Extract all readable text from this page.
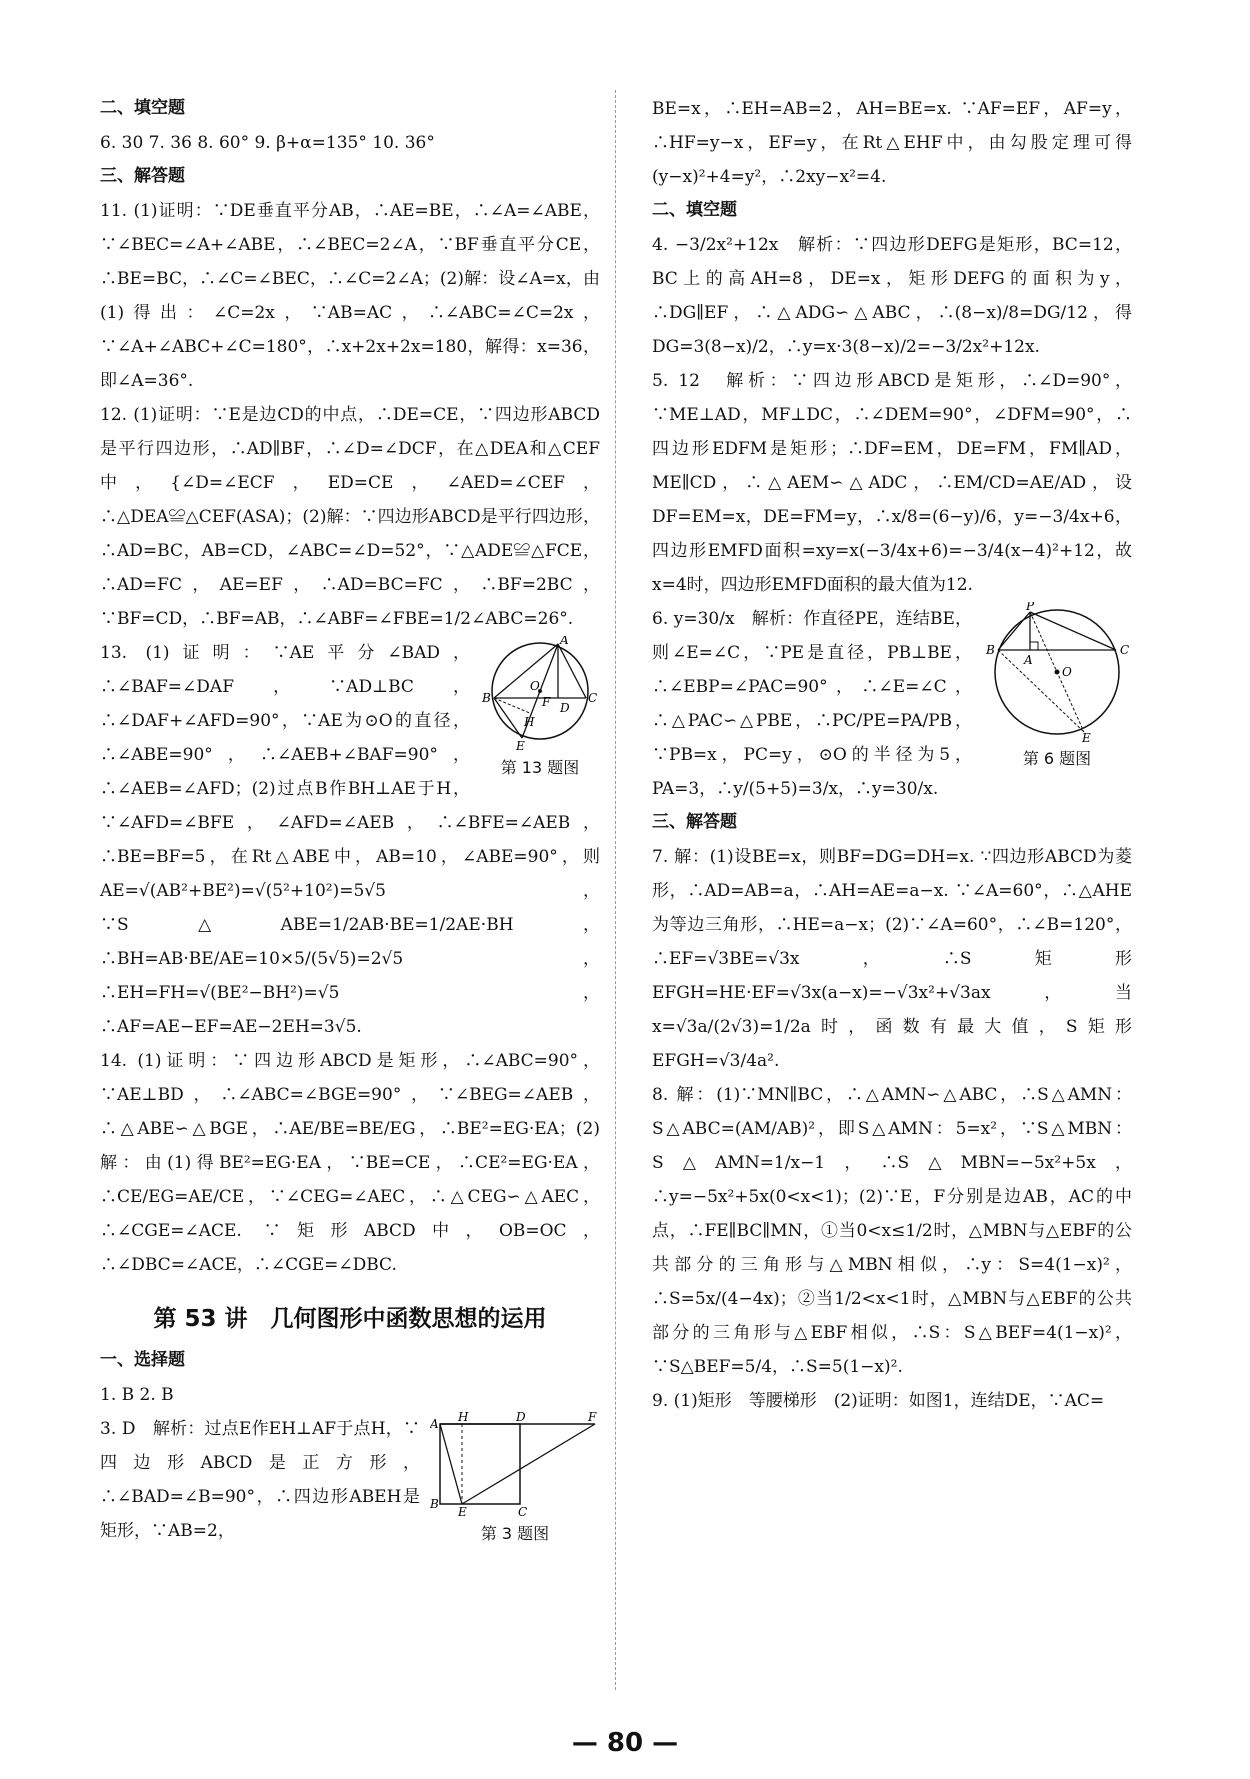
二、填空题

6. 30 7. 36 8. 60° 9. β+α=135° 10. 36°

三、解答题

11. (1)证明：∵DE垂直平分AB，∴AE=BE，∴∠A=∠ABE，∵∠BEC=∠A+∠ABE，∴∠BEC=2∠A，∵BF垂直平分CE，∴BE=BC，∴∠C=∠BEC，∴∠C=2∠A；(2)解：设∠A=x，由(1)得出：∠C=2x，∵AB=AC，∴∠ABC=∠C=2x，∵∠A+∠ABC+∠C=180°，∴x+2x+2x=180，解得：x=36，即∠A=36°.

12. (1)证明：∵E是边CD的中点，∴DE=CE，∵四边形ABCD是平行四边形，∴AD∥BF，∴∠D=∠DCF，在△DEA和△CEF中，{∠D=∠ECF，ED=CE，∠AED=∠CEF，∴△DEA≌△CEF(ASA)；(2)解：∵四边形ABCD是平行四边形，∴AD=BC，AB=CD，∠ABC=∠D=52°，∵△ADE≌△FCE，∴AD=FC，AE=EF，∴AD=BC=FC，∴BF=2BC，∵BF=CD，∴BF=AB，∴∠ABF=∠FBE=1/2∠ABC=26°.

A
B	C
D
E
F
H
O
第 13 题图

13. (1)证明：∵AE平分∠BAD，∴∠BAF=∠DAF，∵AD⊥BC，∴∠DAF+∠AFD=90°，∵AE为⊙O的直径，∴∠ABE=90°，∴∠AEB+∠BAF=90°，∴∠AEB=∠AFD；(2)过点B作BH⊥AE于H，∵∠AFD=∠BFE，∠AFD=∠AEB，∴∠BFE=∠AEB，∴BE=BF=5，在Rt△ABE中，AB=10，∠ABE=90°，则AE=√(AB²+BE²)=√(5²+10²)=5√5，∵S△ABE=1/2AB·BE=1/2AE·BH，∴BH=AB·BE/AE=10×5/(5√5)=2√5，∴EH=FH=√(BE²−BH²)=√5，∴AF=AE−EF=AE−2EH=3√5.

14. (1)证明：∵四边形ABCD是矩形，∴∠ABC=90°，∵AE⊥BD，∴∠ABC=∠BGE=90°，∵∠BEG=∠AEB，∴△ABE∽△BGE，∴AE/BE=BE/EG，∴BE²=EG·EA；(2)解：由(1)得BE²=EG·EA，∵BE=CE，∴CE²=EG·EA，∴CE/EG=AE/CE，∵∠CEG=∠AEC，∴△CEG∽△AEC，∴∠CGE=∠ACE. ∵矩形ABCD中，OB=OC，∴∠DBC=∠ACE，∴∠CGE=∠DBC.

第 53 讲　几何图形中函数思想的运用
一、选择题

1. B 2. B

A H	D	F
B
E	C
第 3 题图

3. D　解析：过点E作EH⊥AF于点H，∵四边形ABCD是正方形，∴∠BAD=∠B=90°，∴四边形ABEH是矩形，∵AB=2，

BE=x，∴EH=AB=2，AH=BE=x. ∵AF=EF，AF=y，∴HF=y−x，EF=y，在Rt△EHF中，由勾股定理可得(y−x)²+4=y²，∴2xy−x²=4.

二、填空题

4. −3/2x²+12x　解析：∵四边形DEFG是矩形，BC=12，BC上的高AH=8，DE=x，矩形DEFG的面积为y，∴DG∥EF，∴△ADG∽△ABC，∴(8−x)/8=DG/12，得DG=3(8−x)/2，∴y=x·3(8−x)/2=−3/2x²+12x.

5. 12　解析：∵四边形ABCD是矩形，∴∠D=90°，∵ME⊥AD，MF⊥DC，∴∠DEM=90°，∠DFM=90°，∴四边形EDFM是矩形；∴DF=EM，DE=FM，FM∥AD，ME∥CD，∴△AEM∽△ADC，∴EM/CD=AE/AD，设DF=EM=x，DE=FM=y，∴x/8=(6−y)/6，y=−3/4x+6，四边形EMFD面积=xy=x(−3/4x+6)=−3/4(x−4)²+12，故x=4时，四边形EMFD面积的最大值为12.

P
B	C
A
O
E
第 6 题图

6. y=30/x　解析：作直径PE，连结BE，则∠E=∠C，∵PE是直径，PB⊥BE，∴∠EBP=∠PAC=90°，∴∠E=∠C，∴△PAC∽△PBE，∴PC/PE=PA/PB，∵PB=x，PC=y，⊙O的半径为5，PA=3，∴y/(5+5)=3/x，∴y=30/x.

三、解答题

7. 解：(1)设BE=x，则BF=DG=DH=x. ∵四边形ABCD为菱形，∴AD=AB=a，∴AH=AE=a−x. ∵∠A=60°，∴△AHE为等边三角形，∴HE=a−x；(2)∵∠A=60°，∴∠B=120°，∴EF=√3BE=√3x，∴S矩形EFGH=HE·EF=√3x(a−x)=−√3x²+√3ax，当x=√3a/(2√3)=1/2a时，函数有最大值，S矩形EFGH=√3/4a².

8. 解：(1)∵MN∥BC，∴△AMN∽△ABC，∴S△AMN：S△ABC=(AM/AB)²，即S△AMN：5=x²，∵S△MBN：S△AMN=1/x−1，∴S△MBN=−5x²+5x，∴y=−5x²+5x(0<x<1)；(2)∵E，F分别是边AB，AC的中点，∴FE∥BC∥MN，①当0<x≤1/2时，△MBN与△EBF的公共部分的三角形与△MBN相似，∴y：S=4(1−x)²，∴S=5x/(4−4x)；②当1/2<x<1时，△MBN与△EBF的公共部分的三角形与△EBF相似，∴S：S△BEF=4(1−x)²，∵S△BEF=5/4，∴S=5(1−x)².

9. (1)矩形　等腰梯形　(2)证明：如图1，连结DE，∵AC=

— 80 —
